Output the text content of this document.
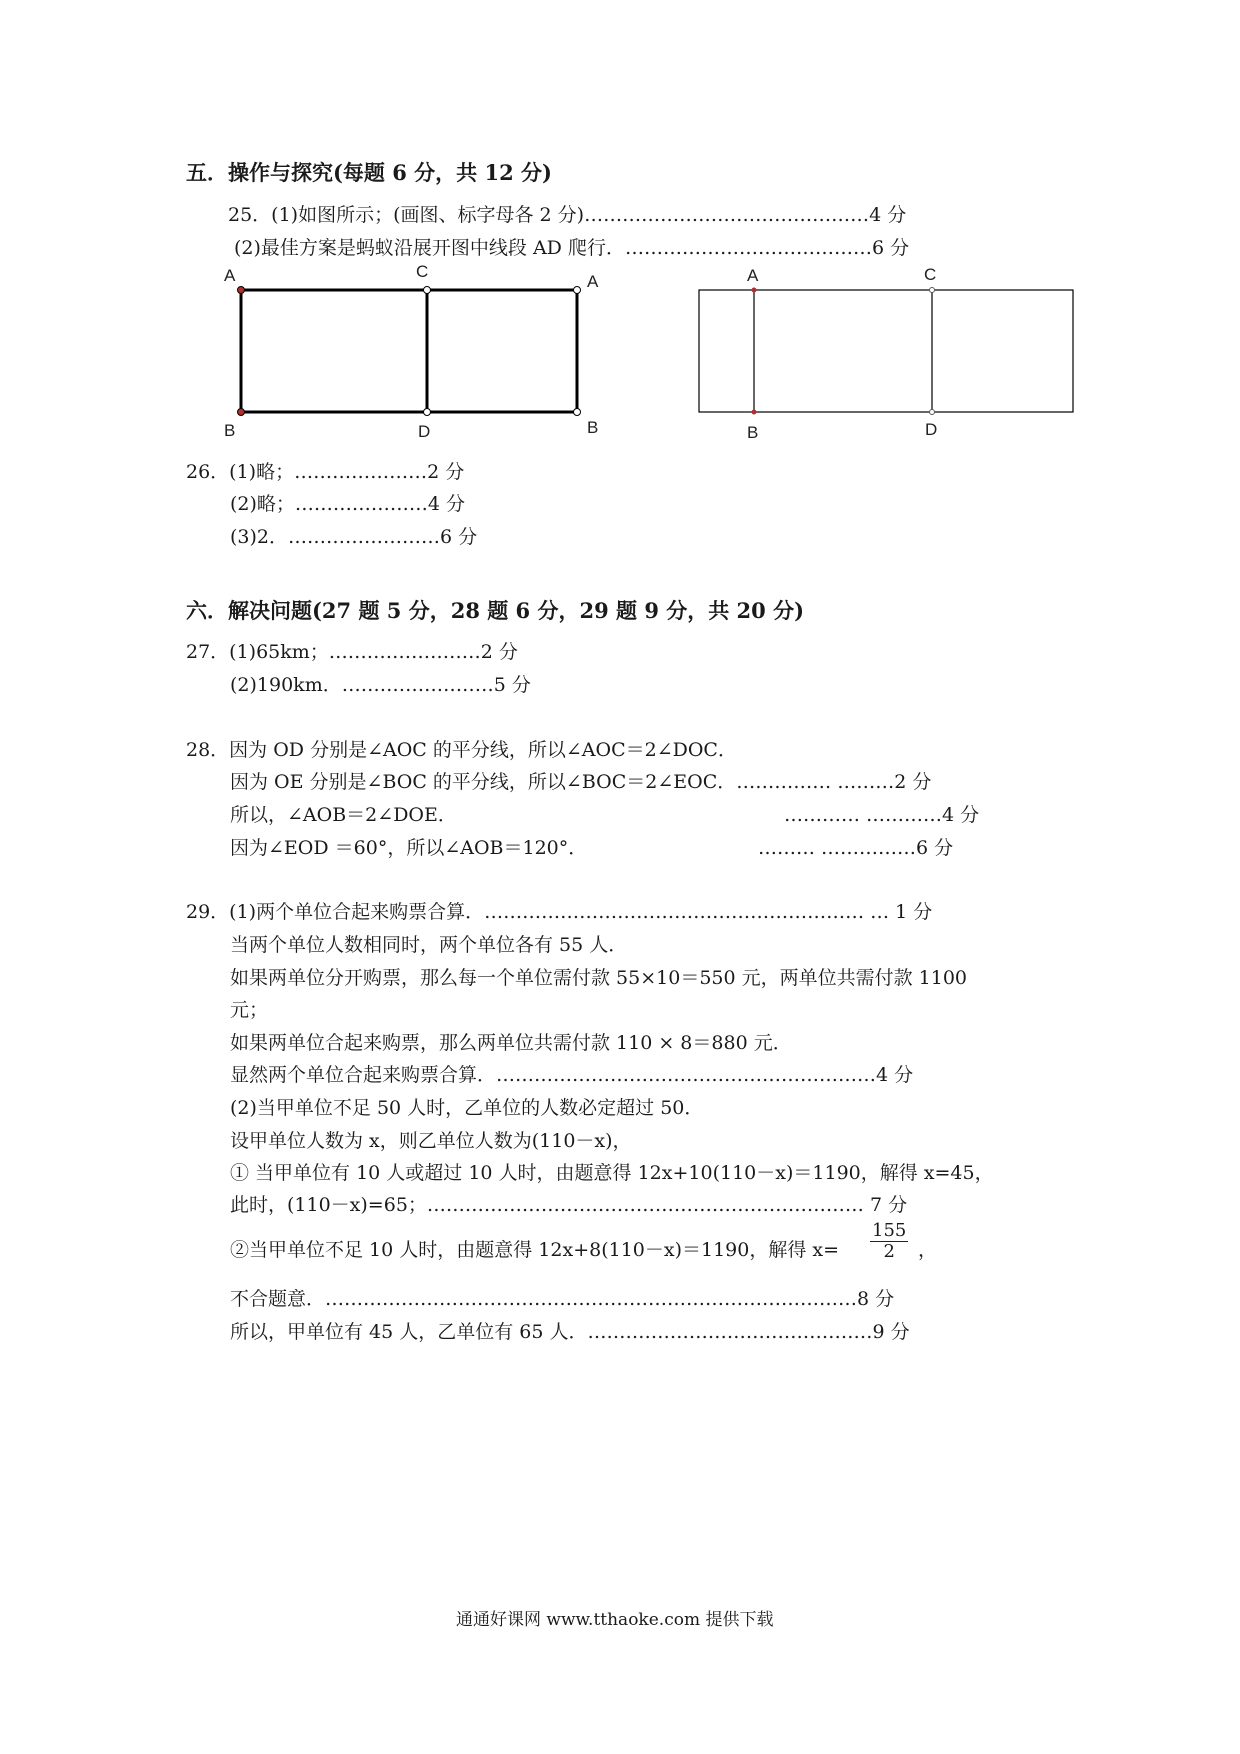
五．操作与探究(每题 6 分，共 12 分)
25．(1)如图所示；(画图、标字母各 2 分)………………………………………4 分
(2)最佳方案是蚂蚁沿展开图中线段 AD 爬行．…………………………………6 分
A	C
A
B	D	B
A	C
B	D
26．(1)略；…………………2 分
(2)略；…………………4 分
(3)2．……………………6 分
六．解决问题(27 题 5 分，28 题 6 分，29 题 9 分，共 20 分)
27．(1)65km；……………………2 分
(2)190km．……………………5 分
28．因为 OD 分别是∠AOC 的平分线，所以∠AOC＝2∠DOC．
因为 OE 分别是∠BOC 的平分线，所以∠BOC＝2∠EOC．…………… ………2 分
所以，∠AOB＝2∠DOE．	………… …………4 分
因为∠EOD ＝60°，所以∠AOB＝120°．	……… ……………6 分
29．(1)两个单位合起来购票合算．…………………………………………………… … 1 分
当两个单位人数相同时，两个单位各有 55 人．
如果两单位分开购票，那么每一个单位需付款 55×10＝550 元，两单位共需付款 1100
元；
如果两单位合起来购票，那么两单位共需付款 110 × 8＝880 元．
显然两个单位合起来购票合算．……………………………………………………4 分
(2)当甲单位不足 50 人时，乙单位的人数必定超过 50．
设甲单位人数为 x，则乙单位人数为(110－x)，
① 当甲单位有 10 人或超过 10 人时，由题意得 12x+10(110－x)＝1190，解得 x=45，
此时，(110－x)=65；…………………………………………………………… 7 分
②当甲单位不足 10 人时，由题意得 12x+8(110－x)＝1190，解得 $x= \frac{155}{2}$ ，
不合题意．…………………………………………………………………………8 分
所以，甲单位有 45 人，乙单位有 65 人．………………………………………9 分
通通好课网 www.tthaoke.com 提供下载
